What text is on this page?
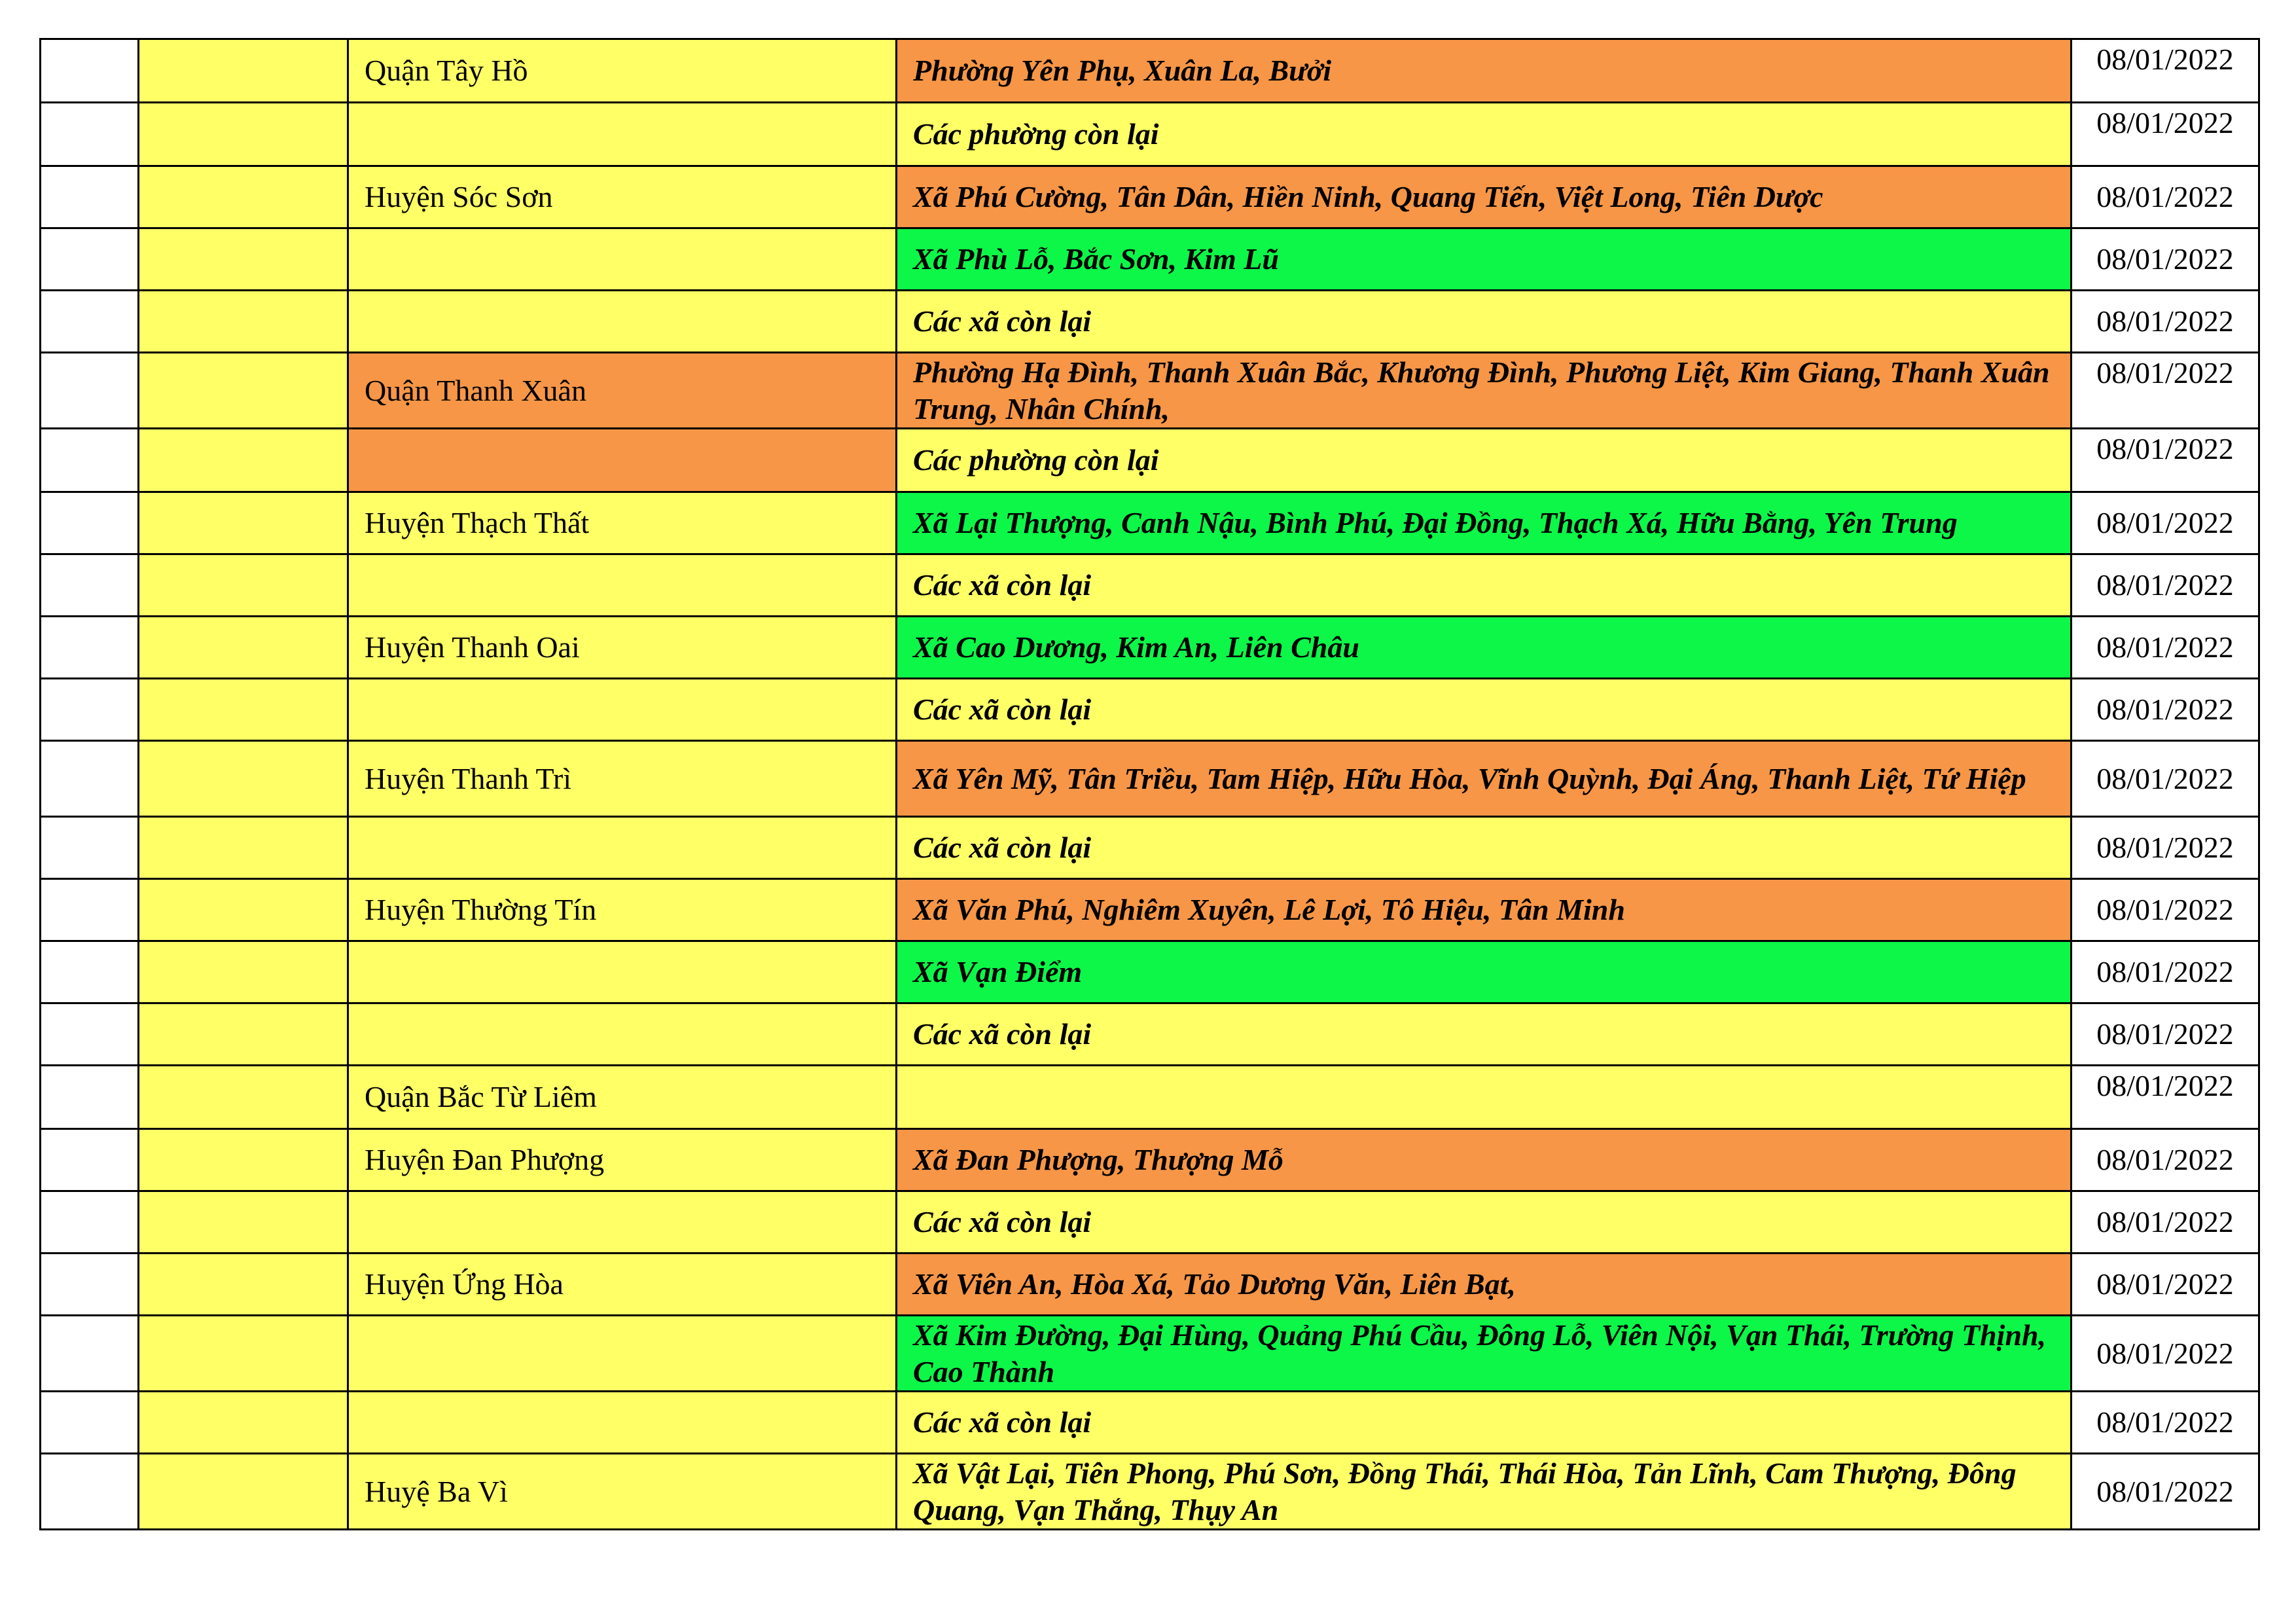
		Quận Tây Hồ	Phường Yên Phụ, Xuân La, Bưởi	08/01/2022
			Các phường còn lại	08/01/2022
		Huyện Sóc Sơn	Xã Phú Cường, Tân Dân, Hiền Ninh, Quang Tiến, Việt Long, Tiên Dược	08/01/2022
			Xã Phù Lỗ, Bắc Sơn, Kim Lũ	08/01/2022
			Các xã còn lại	08/01/2022
		Quận Thanh Xuân	Phường Hạ Đình, Thanh Xuân Bắc, Khương Đình, Phương Liệt, Kim Giang, Thanh Xuân Trung, Nhân Chính,	08/01/2022
			Các phường còn lại	08/01/2022
		Huyện Thạch Thất	Xã Lại Thượng, Canh Nậu, Bình Phú, Đại Đồng, Thạch Xá, Hữu Bằng, Yên Trung	08/01/2022
			Các xã còn lại	08/01/2022
		Huyện Thanh Oai	Xã Cao Dương, Kim An, Liên Châu	08/01/2022
			Các xã còn lại	08/01/2022
		Huyện Thanh Trì	Xã Yên Mỹ, Tân Triều, Tam Hiệp, Hữu Hòa, Vĩnh Quỳnh, Đại Áng, Thanh Liệt, Tứ Hiệp	08/01/2022
			Các xã còn lại	08/01/2022
		Huyện Thường Tín	Xã Văn Phú, Nghiêm Xuyên, Lê Lợi, Tô Hiệu, Tân Minh	08/01/2022
			Xã Vạn Điểm	08/01/2022
			Các xã còn lại	08/01/2022
		Quận Bắc Từ Liêm		08/01/2022
		Huyện Đan Phượng	Xã Đan Phượng, Thượng Mỗ	08/01/2022
			Các xã còn lại	08/01/2022
		Huyện Ứng Hòa	Xã Viên An, Hòa Xá, Tảo Dương Văn, Liên Bạt,	08/01/2022
			Xã Kim Đường, Đại Hùng, Quảng Phú Cầu, Đông Lỗ, Viên Nội, Vạn Thái, Trường Thịnh, Cao Thành	08/01/2022
			Các xã còn lại	08/01/2022
		Huyệ Ba Vì	Xã Vật Lại, Tiên Phong, Phú Sơn, Đồng Thái, Thái Hòa, Tản Lĩnh, Cam Thượng, Đông Quang, Vạn Thắng, Thụy An	08/01/2022
